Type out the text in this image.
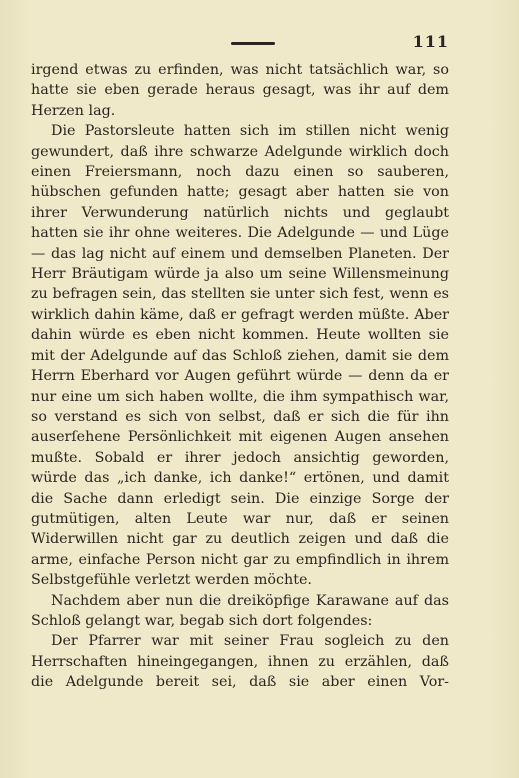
111

irgend etwas zu erfinden, was nicht tatsächlich war, so hatte sie eben gerade heraus gesagt, was ihr auf dem Herzen lag.

Die Pastorsleute hatten sich im stillen nicht wenig gewundert, daß ihre schwarze Adelgunde wirklich doch einen Freiersmann, noch dazu einen so sauberen, hübschen gefunden hatte; gesagt aber hatten sie von ihrer Verwunderung natürlich nichts und geglaubt hatten sie ihr ohne weiteres. Die Adelgunde — und Lüge — das lag nicht auf einem und demselben Planeten. Der Herr Bräutigam würde ja also um seine Willensmeinung zu befragen sein, das stellten sie unter sich fest, wenn es wirklich dahin käme, daß er gefragt werden müßte. Aber dahin würde es eben nicht kommen. Heute wollten sie mit der Adelgunde auf das Schloß ziehen, damit sie dem Herrn Eberhard vor Augen geführt würde — denn da er nur eine um sich haben wollte, die ihm sympathisch war, so verstand es sich von selbst, daß er sich die für ihn auserſehene Persönlichkeit mit eigenen Augen ansehen mußte. Sobald er ihrer jedoch ansichtig geworden, würde das „ich danke, ich danke!“ ertönen, und damit die Sache dann erledigt sein. Die einzige Sorge der gutmütigen, alten Leute war nur, daß er seinen Widerwillen nicht gar zu deutlich zeigen und daß die arme, einfache Person nicht gar zu empfindlich in ihrem Selbstgefühle verletzt werden möchte.

Nachdem aber nun die dreiköpfige Karawane auf das Schloß gelangt war, begab sich dort folgendes:

Der Pfarrer war mit seiner Frau sogleich zu den Herrschaften hineingegangen, ihnen zu erzählen, daß die Adelgunde bereit sei, daß sie aber einen Vor-
